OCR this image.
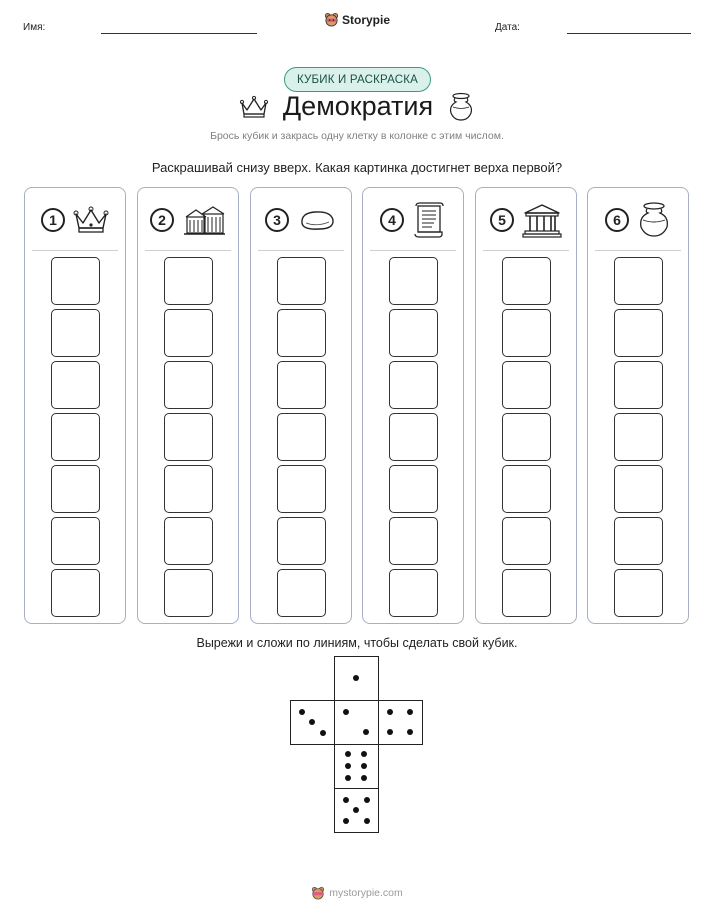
Имя:
Storypie
Дата:
КУБИК И РАСКРАСКА
Демократия
Брось кубик и закрась одну клетку в колонке с этим числом.
Раскрашивай снизу вверх. Какая картинка достигнет верха первой?
1	2	3	4	5	6
Вырежи и сложи по линиям, чтобы сделать свой кубик.
mystorypie.com
